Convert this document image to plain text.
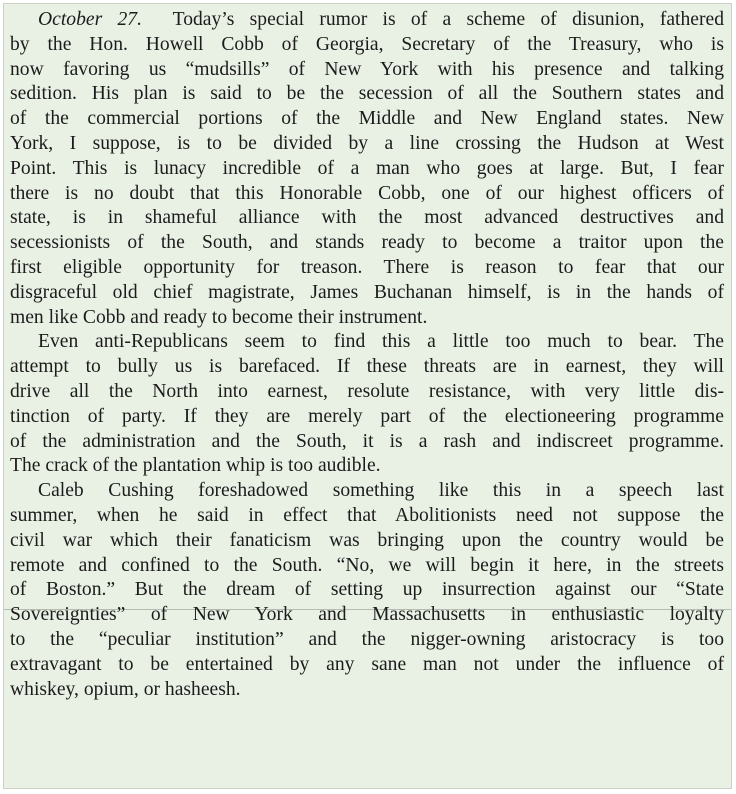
October 27. Today’s special rumor is of a scheme of disunion, fathered
by the Hon. Howell Cobb of Georgia, Secretary of the Treasury, who is
now favoring us “mudsills” of New York with his presence and talking
sedition. His plan is said to be the secession of all the Southern states and
of the commercial portions of the Middle and New England states. New
York, I suppose, is to be divided by a line crossing the Hudson at West
Point. This is lunacy incredible of a man who goes at large. But, I fear
there is no doubt that this Honorable Cobb, one of our highest officers of
state, is in shameful alliance with the most advanced destructives and
secessionists of the South, and stands ready to become a traitor upon the
first eligible opportunity for treason. There is reason to fear that our
disgraceful old chief magistrate, James Buchanan himself, is in the hands of
men like Cobb and ready to become their instrument.

Even anti-Republicans seem to find this a little too much to bear. The
attempt to bully us is barefaced. If these threats are in earnest, they will
drive all the North into earnest, resolute resistance, with very little dis-
tinction of party. If they are merely part of the electioneering programme
of the administration and the South, it is a rash and indiscreet programme.
The crack of the plantation whip is too audible.

Caleb Cushing foreshadowed something like this in a speech last
summer, when he said in effect that Abolitionists need not suppose the
civil war which their fanaticism was bringing upon the country would be
remote and confined to the South. “No, we will begin it here, in the streets
of Boston.” But the dream of setting up insurrection against our “State
Sovereignties” of New York and Massachusetts in enthusiastic loyalty
to the “peculiar institution” and the nigger-owning aristocracy is too
extravagant to be entertained by any sane man not under the influence of
whiskey, opium, or hasheesh.
